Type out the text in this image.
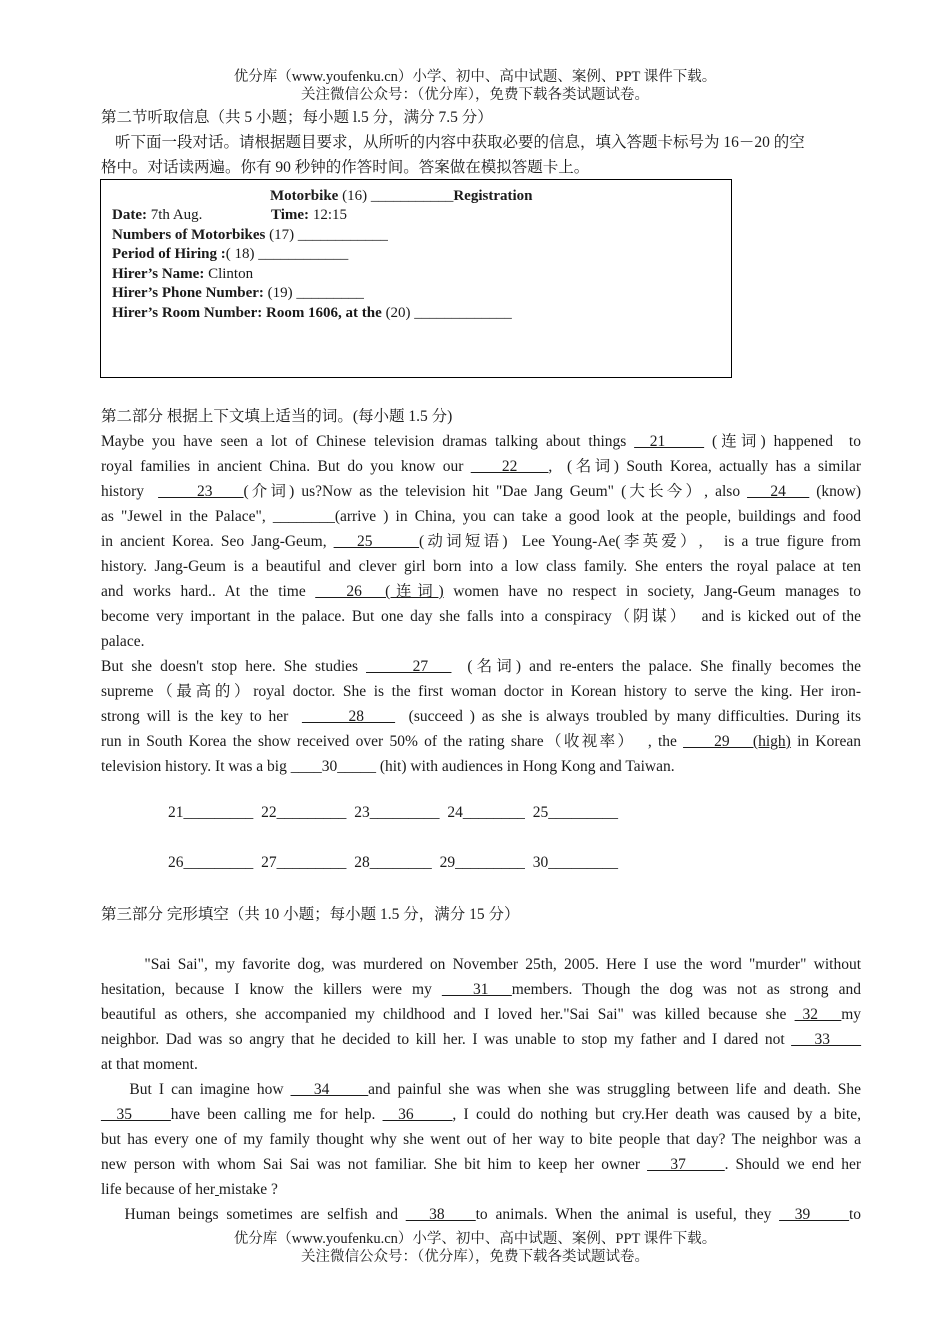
优分库（www.youfenku.cn）小学、初中、高中试题、案例、PPT 课件下载。
关注微信公众号：（优分库），免费下载各类试题试卷。
第二节听取信息（共 5 小题；每小题 l.5 分，满分 7.5 分）
听下面一段对话。请根据题目要求，从所听的内容中获取必要的信息，填入答题卡标号为 16－20 的空
格中。对话读两遍。你有 90 秒钟的作答时间。答案做在模拟答题卡上。
Motorbike (16) ___________Registration
Date: 7th Aug.	Time: 12:15
Numbers of Motorbikes (17) ____________
Period of Hiring :( 18) ____________
Hirer’s Name: Clinton
Hirer’s Phone Number: (19) _________
Hirer’s Room Number: Room 1606, at the (20) _____________
第二部分 根据上下文填上适当的词。(每小题 1.5 分)
Maybe you have seen a lot of Chinese television dramas talking about things __21_____ (连词) happened  to
royal families in ancient China. But do you know our ____22____,  (名词) South Korea, actually has a similar
history  _____23____(介词) us?Now as the television hit "Dae Jang Geum" (大长今）, also ___24___ (know)
as "Jewel in the Palace", ________(arrive ) in China, you can take a good look at the people, buildings and food
in ancient Korea. Seo Jang-Geum, ___25______(动词短语)  Lee Young-Ae(李英爱）,   is a true figure from
history. Jang-Geum is a beautiful and clever girl born into a low class family. She enters the royal palace at ten
and works hard.. At the time ____26___(连词) women have no respect in society, Jang-Geum manages to
become very important in the palace. But one day she falls into a conspiracy（阴谋）  and is kicked out of the
palace.
But she doesn't stop here. She studies ______27___  (名词) and re-enters the palace. She finally becomes the
supreme（最高的）royal doctor. She is the first woman doctor in Korean history to serve the king. Her iron-
strong will is the key to her  ______28____  (succeed ) as she is always troubled by many difficulties. During its
run in South Korea the show received over 50% of the rating share（收视率）  , the ____29___(high) in Korean
television history. It was a big ____30_____ (hit) with audiences in Hong Kong and Taiwan.
21_________ 22_________ 23_________ 24________ 25_________
26_________ 27_________ 28________ 29_________ 30_________
第三部分 完形填空（共 10 小题；每小题 1.5 分，满分 15 分）
"Sai Sai", my favorite dog, was murdered on November 25th, 2005. Here I use the word "murder" without
hesitation, because I know the killers were my ____31___members. Though the dog was not as strong and
beautiful as others, she accompanied my childhood and I loved her."Sai Sai" was killed because she _32___my
neighbor. Dad was so angry that he decided to kill her. I was unable to stop my father and I dared not ___33____
at that moment.
But I can imagine how ___34_____and painful she was when she was struggling between life and death. She
__35_____have been calling me for help. __36_____, I could do nothing but cry.Her death was caused by a bite,
but has every one of my family thought why she went out of her way to bite people that day? The neighbor was a
new person with whom Sai Sai was not familiar. She bit him to keep her owner ___37_____. Should we end her
life because of her mistake ?
Human beings sometimes are selfish and ___38____to animals. When the animal is useful, they __39_____to
优分库（www.youfenku.cn）小学、初中、高中试题、案例、PPT 课件下载。
关注微信公众号：（优分库），免费下载各类试题试卷。
